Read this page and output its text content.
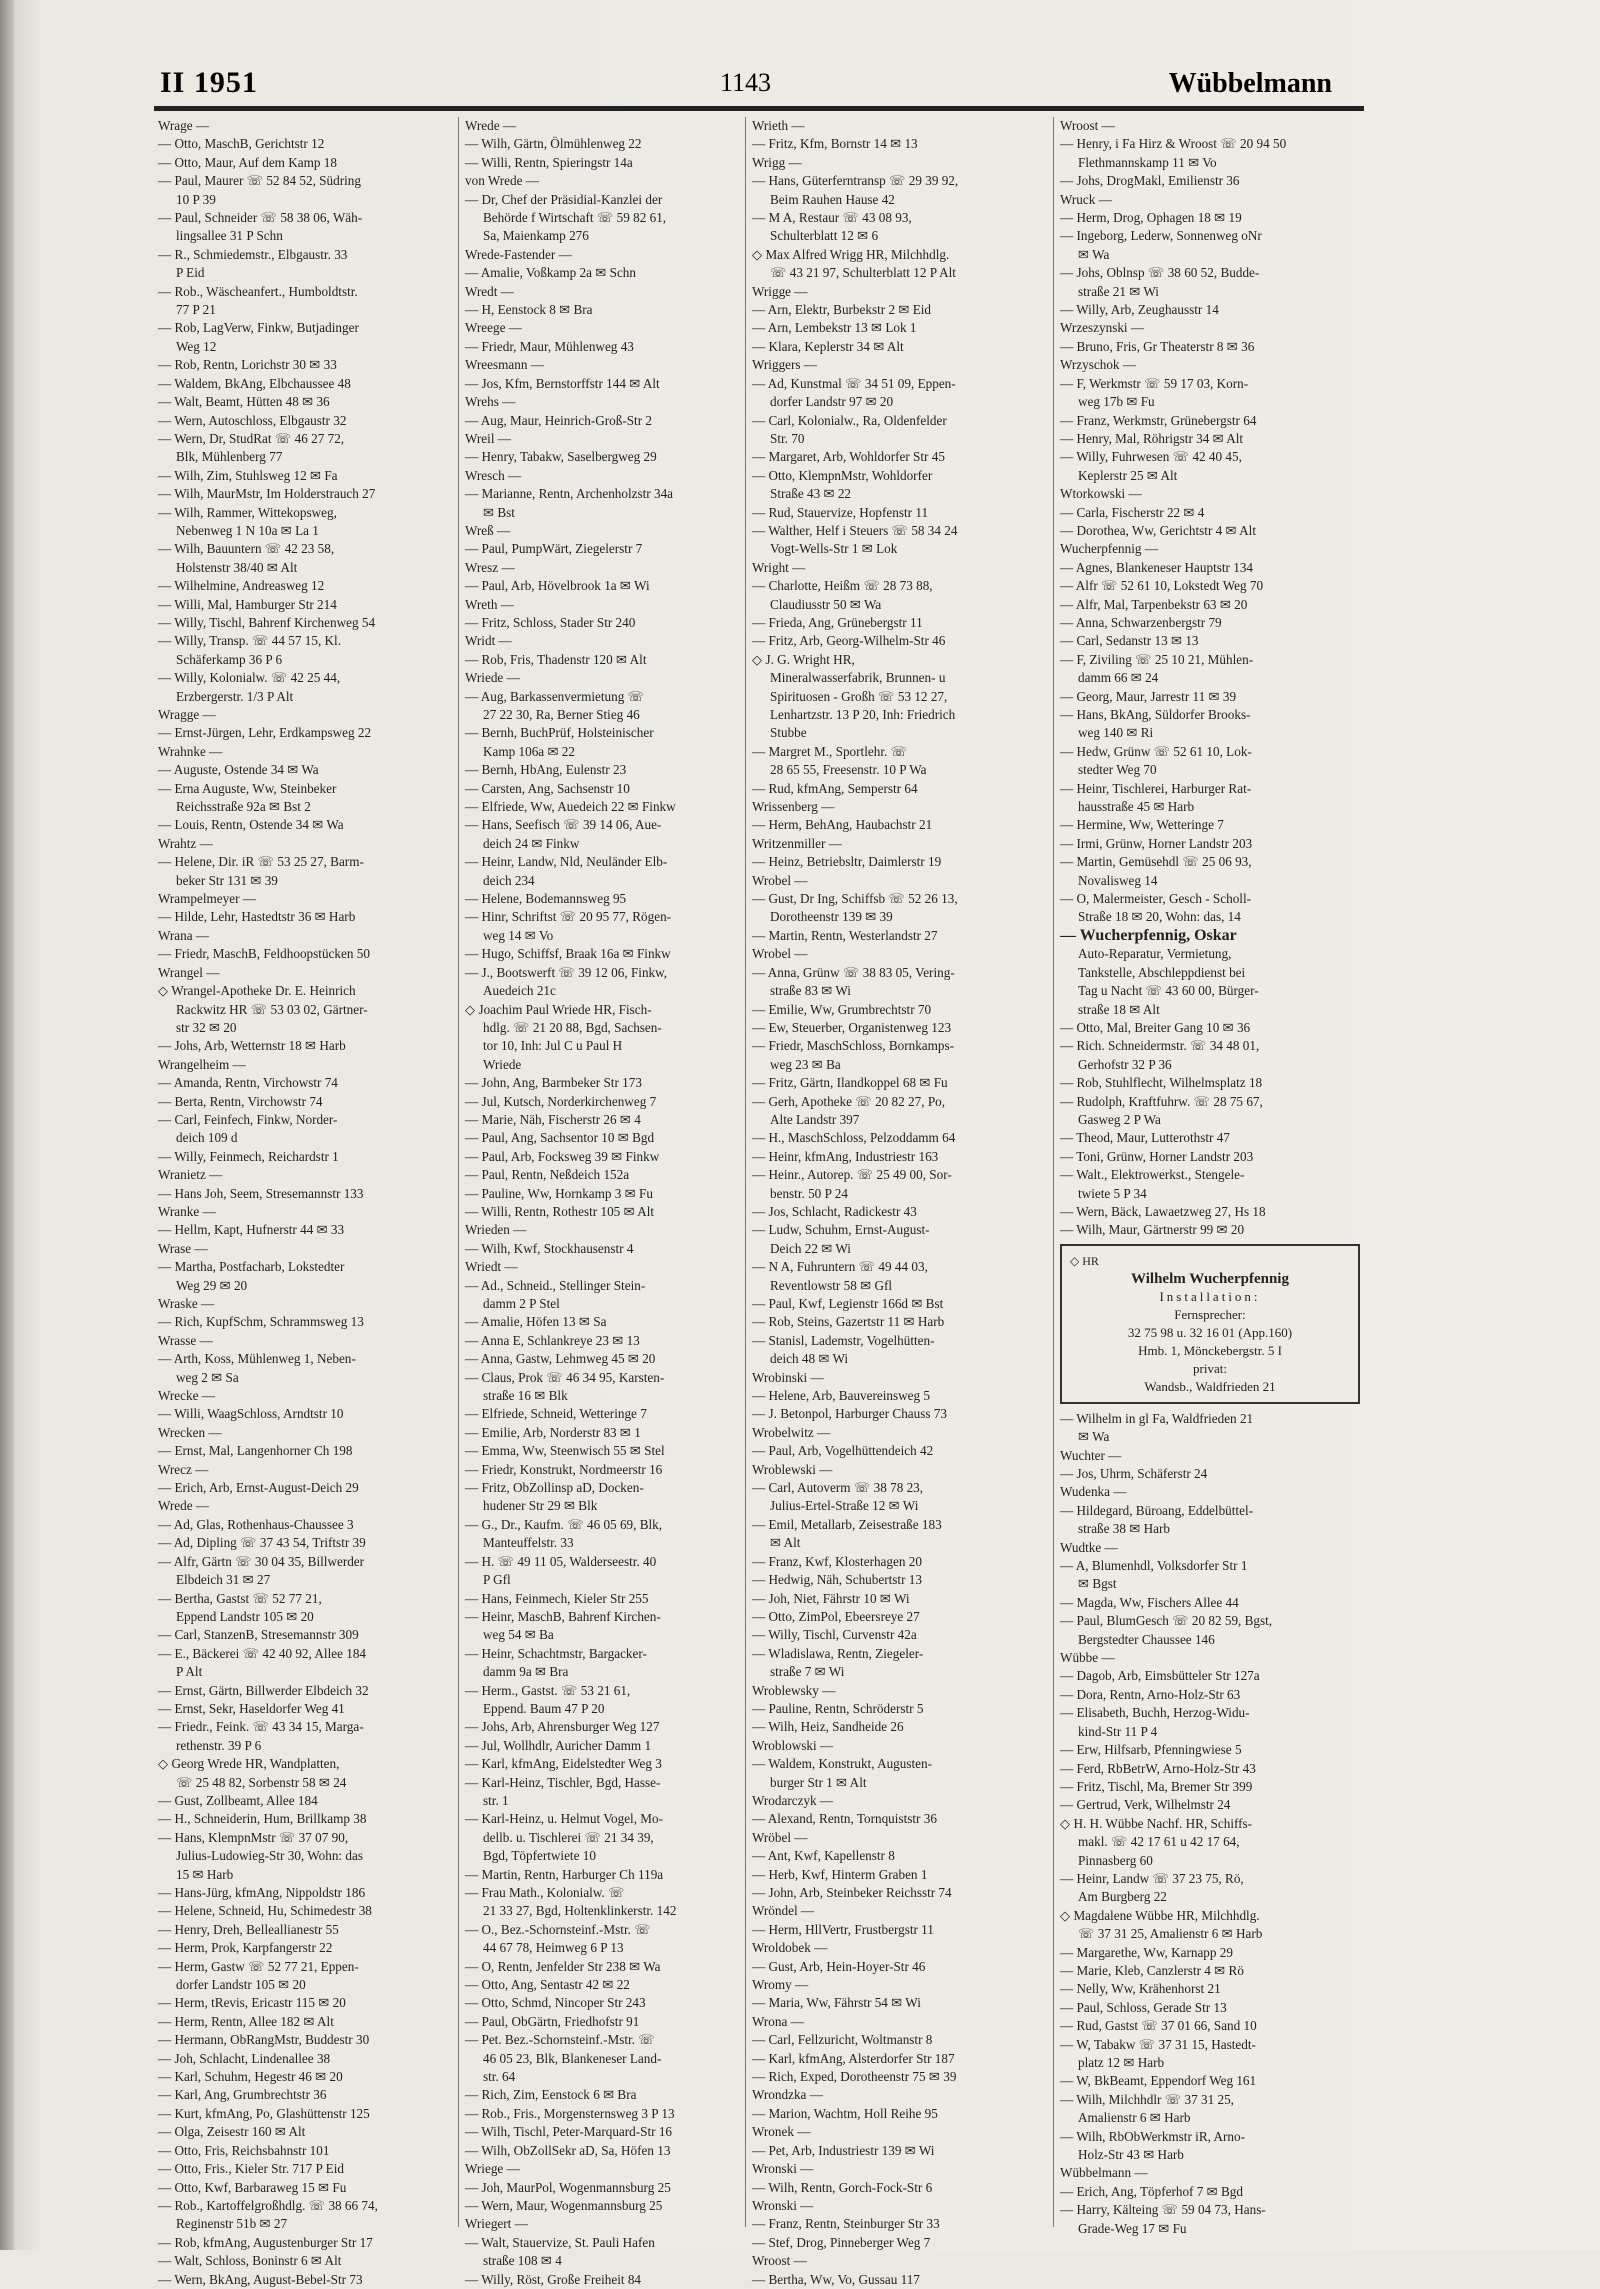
II 1951	1143	Wübbelmann
Wrage —
— Otto, MaschB, Gerichtstr 12
— Otto, Maur, Auf dem Kamp 18
— Paul, Maurer ☏ 52 84 52, Südring
10 P 39
— Paul, Schneider ☏ 58 38 06, Wäh-
lingsallee 31 P Schn
— R., Schmiedemstr., Elbgaustr. 33
P Eid
— Rob., Wäscheanfert., Humboldtstr.
77 P 21
— Rob, LagVerw, Finkw, Butjadinger
Weg 12
— Rob, Rentn, Lorichstr 30 ✉ 33
— Waldem, BkAng, Elbchaussee 48
— Walt, Beamt, Hütten 48 ✉ 36
— Wern, Autoschloss, Elbgaustr 32
— Wern, Dr, StudRat ☏ 46 27 72,
Blk, Mühlenberg 77
— Wilh, Zim, Stuhlsweg 12 ✉ Fa
— Wilh, MaurMstr, Im Holderstrauch 27
— Wilh, Rammer, Wittekopsweg,
Nebenweg 1 N 10a ✉ La 1
— Wilh, Bauuntern ☏ 42 23 58,
Holstenstr 38/40 ✉ Alt
— Wilhelmine, Andreasweg 12
— Willi, Mal, Hamburger Str 214
— Willy, Tischl, Bahrenf Kirchenweg 54
— Willy, Transp. ☏ 44 57 15, Kl.
Schäferkamp 36 P 6
— Willy, Kolonialw. ☏ 42 25 44,
Erzbergerstr. 1/3 P Alt
Wragge —
— Ernst-Jürgen, Lehr, Erdkampsweg 22
Wrahnke —
— Auguste, Ostende 34 ✉ Wa
— Erna Auguste, Ww, Steinbeker
Reichsstraße 92a ✉ Bst 2
— Louis, Rentn, Ostende 34 ✉ Wa
Wrahtz —
— Helene, Dir. iR ☏ 53 25 27, Barm-
beker Str 131 ✉ 39
Wrampelmeyer —
— Hilde, Lehr, Hastedtstr 36 ✉ Harb
Wrana —
— Friedr, MaschB, Feldhoopstücken 50
Wrangel —
◇ Wrangel-Apotheke Dr. E. Heinrich
Rackwitz HR ☏ 53 03 02, Gärtner-
str 32 ✉ 20
— Johs, Arb, Wetternstr 18 ✉ Harb
Wrangelheim —
— Amanda, Rentn, Virchowstr 74
— Berta, Rentn, Virchowstr 74
— Carl, Feinfech, Finkw, Norder-
deich 109 d
— Willy, Feinmech, Reichardstr 1
Wranietz —
— Hans Joh, Seem, Stresemannstr 133
Wranke —
— Hellm, Kapt, Hufnerstr 44 ✉ 33
Wrase —
— Martha, Postfacharb, Lokstedter
Weg 29 ✉ 20
Wraske —
— Rich, KupfSchm, Schrammsweg 13
Wrasse —
— Arth, Koss, Mühlenweg 1, Neben-
weg 2 ✉ Sa
Wrecke —
— Willi, WaagSchloss, Arndtstr 10
Wrecken —
— Ernst, Mal, Langenhorner Ch 198
Wrecz —
— Erich, Arb, Ernst-August-Deich 29
Wrede —
— Ad, Glas, Rothenhaus-Chaussee 3
— Ad, Dipling ☏ 37 43 54, Triftstr 39
— Alfr, Gärtn ☏ 30 04 35, Billwerder
Elbdeich 31 ✉ 27
— Bertha, Gastst ☏ 52 77 21,
Eppend Landstr 105 ✉ 20
— Carl, StanzenB, Stresemannstr 309
— E., Bäckerei ☏ 42 40 92, Allee 184
P Alt
— Ernst, Gärtn, Billwerder Elbdeich 32
— Ernst, Sekr, Haseldorfer Weg 41
— Friedr., Feink. ☏ 43 34 15, Marga-
rethenstr. 39 P 6
◇ Georg Wrede HR, Wandplatten,
☏ 25 48 82, Sorbenstr 58 ✉ 24
— Gust, Zollbeamt, Allee 184
— H., Schneiderin, Hum, Brillkamp 38
— Hans, KlempnMstr ☏ 37 07 90,
Julius-Ludowieg-Str 30, Wohn: das
15 ✉ Harb
— Hans-Jürg, kfmAng, Nippoldstr 186
— Helene, Schneid, Hu, Schimedestr 38
— Henry, Dreh, Belleallianestr 55
— Herm, Prok, Karpfangerstr 22
— Herm, Gastw ☏ 52 77 21, Eppen-
dorfer Landstr 105 ✉ 20
— Herm, tRevis, Ericastr 115 ✉ 20
— Herm, Rentn, Allee 182 ✉ Alt
— Hermann, ObRangMstr, Buddestr 30
— Joh, Schlacht, Lindenallee 38
— Karl, Schuhm, Hegestr 46 ✉ 20
— Karl, Ang, Grumbrechtstr 36
— Kurt, kfmAng, Po, Glashüttenstr 125
— Olga, Zeisestr 160 ✉ Alt
— Otto, Fris, Reichsbahnstr 101
— Otto, Fris., Kieler Str. 717 P Eid
— Otto, Kwf, Barbaraweg 15 ✉ Fu
— Rob., Kartoffelgroßhdlg. ☏ 38 66 74,
Reginenstr 51b ✉ 27
— Rob, kfmAng, Augustenburger Str 17
— Walt, Schloss, Boninstr 6 ✉ Alt
— Wern, BkAng, August-Bebel-Str 73
Wrede —
— Wilh, Gärtn, Ölmühlenweg 22
— Willi, Rentn, Spieringstr 14a
von Wrede —
— Dr, Chef der Präsidial-Kanzlei der
Behörde f Wirtschaft ☏ 59 82 61,
Sa, Maienkamp 276
Wrede-Fastender —
— Amalie, Voßkamp 2a ✉ Schn
Wredt —
— H, Eenstock 8 ✉ Bra
Wreege —
— Friedr, Maur, Mühlenweg 43
Wreesmann —
— Jos, Kfm, Bernstorffstr 144 ✉ Alt
Wrehs —
— Aug, Maur, Heinrich-Groß-Str 2
Wreil —
— Henry, Tabakw, Saselbergweg 29
Wresch —
— Marianne, Rentn, Archenholzstr 34a
✉ Bst
Wreß —
— Paul, PumpWärt, Ziegelerstr 7
Wresz —
— Paul, Arb, Hövelbrook 1a ✉ Wi
Wreth —
— Fritz, Schloss, Stader Str 240
Wridt —
— Rob, Fris, Thadenstr 120 ✉ Alt
Wriede —
— Aug, Barkassenvermietung ☏
27 22 30, Ra, Berner Stieg 46
— Bernh, BuchPrüf, Holsteinischer
Kamp 106a ✉ 22
— Bernh, HbAng, Eulenstr 23
— Carsten, Ang, Sachsenstr 10
— Elfriede, Ww, Auedeich 22 ✉ Finkw
— Hans, Seefisch ☏ 39 14 06, Aue-
deich 24 ✉ Finkw
— Heinr, Landw, Nld, Neuländer Elb-
deich 234
— Helene, Bodemannsweg 95
— Hinr, Schriftst ☏ 20 95 77, Rögen-
weg 14 ✉ Vo
— Hugo, Schiffsf, Braak 16a ✉ Finkw
— J., Bootswerft ☏ 39 12 06, Finkw,
Auedeich 21c
◇ Joachim Paul Wriede HR, Fisch-
hdlg. ☏ 21 20 88, Bgd, Sachsen-
tor 10, Inh: Jul C u Paul H
Wriede
— John, Ang, Barmbeker Str 173
— Jul, Kutsch, Norderkirchenweg 7
— Marie, Näh, Fischerstr 26 ✉ 4
— Paul, Ang, Sachsentor 10 ✉ Bgd
— Paul, Arb, Focksweg 39 ✉ Finkw
— Paul, Rentn, Neßdeich 152a
— Pauline, Ww, Hornkamp 3 ✉ Fu
— Willi, Rentn, Rothestr 105 ✉ Alt
Wrieden —
— Wilh, Kwf, Stockhausenstr 4
Wriedt —
— Ad., Schneid., Stellinger Stein-
damm 2 P Stel
— Amalie, Höfen 13 ✉ Sa
— Anna E, Schlankreye 23 ✉ 13
— Anna, Gastw, Lehmweg 45 ✉ 20
— Claus, Prok ☏ 46 34 95, Karsten-
straße 16 ✉ Blk
— Elfriede, Schneid, Wetteringe 7
— Emilie, Arb, Norderstr 83 ✉ 1
— Emma, Ww, Steenwisch 55 ✉ Stel
— Friedr, Konstrukt, Nordmeerstr 16
— Fritz, ObZollinsp aD, Docken-
hudener Str 29 ✉ Blk
— G., Dr., Kaufm. ☏ 46 05 69, Blk,
Manteuffelstr. 33
— H. ☏ 49 11 05, Walderseestr. 40
P Gfl
— Hans, Feinmech, Kieler Str 255
— Heinr, MaschB, Bahrenf Kirchen-
weg 54 ✉ Ba
— Heinr, Schachtmstr, Bargacker-
damm 9a ✉ Bra
— Herm., Gastst. ☏ 53 21 61,
Eppend. Baum 47 P 20
— Johs, Arb, Ahrensburger Weg 127
— Jul, Wollhdlr, Auricher Damm 1
— Karl, kfmAng, Eidelstedter Weg 3
— Karl-Heinz, Tischler, Bgd, Hasse-
str. 1
— Karl-Heinz, u. Helmut Vogel, Mo-
dellb. u. Tischlerei ☏ 21 34 39,
Bgd, Töpfertwiete 10
— Martin, Rentn, Harburger Ch 119a
— Frau Math., Kolonialw. ☏
21 33 27, Bgd, Holtenklinkerstr. 142
— O., Bez.-Schornsteinf.-Mstr. ☏
44 67 78, Heimweg 6 P 13
— O, Rentn, Jenfelder Str 238 ✉ Wa
— Otto, Ang, Sentastr 42 ✉ 22
— Otto, Schmd, Nincoper Str 243
— Paul, ObGärtn, Friedhofstr 91
— Pet. Bez.-Schornsteinf.-Mstr. ☏
46 05 23, Blk, Blankeneser Land-
str. 64
— Rich, Zim, Eenstock 6 ✉ Bra
— Rob., Fris., Morgensternsweg 3 P 13
— Wilh, Tischl, Peter-Marquard-Str 16
— Wilh, ObZollSekr aD, Sa, Höfen 13
Wriege —
— Joh, MaurPol, Wogenmannsburg 25
— Wern, Maur, Wogenmannsburg 25
Wriegert —
— Walt, Stauervize, St. Pauli Hafen
straße 108 ✉ 4
— Willy, Röst, Große Freiheit 84
Wrieth —
— Fritz, Kfm, Bornstr 14 ✉ 13
Wrigg —
— Hans, Güterferntransp ☏ 29 39 92,
Beim Rauhen Hause 42
— M A, Restaur ☏ 43 08 93,
Schulterblatt 12 ✉ 6
◇ Max Alfred Wrigg HR, Milchhdlg.
☏ 43 21 97, Schulterblatt 12 P Alt
Wrigge —
— Arn, Elektr, Burbekstr 2 ✉ Eid
— Arn, Lembekstr 13 ✉ Lok 1
— Klara, Keplerstr 34 ✉ Alt
Wriggers —
— Ad, Kunstmal ☏ 34 51 09, Eppen-
dorfer Landstr 97 ✉ 20
— Carl, Kolonialw., Ra, Oldenfelder
Str. 70
— Margaret, Arb, Wohldorfer Str 45
— Otto, KlempnMstr, Wohldorfer
Straße 43 ✉ 22
— Rud, Stauervize, Hopfenstr 11
— Walther, Helf i Steuers ☏ 58 34 24
Vogt-Wells-Str 1 ✉ Lok
Wright —
— Charlotte, Heißm ☏ 28 73 88,
Claudiusstr 50 ✉ Wa
— Frieda, Ang, Grünebergstr 11
— Fritz, Arb, Georg-Wilhelm-Str 46
◇ J. G. Wright HR,
Mineralwasserfabrik, Brunnen- u
Spirituosen - Großh ☏ 53 12 27,
Lenhartzstr. 13 P 20, Inh: Friedrich
Stubbe
— Margret M., Sportlehr. ☏
28 65 55, Freesenstr. 10 P Wa
— Rud, kfmAng, Semperstr 64
Wrissenberg —
— Herm, BehAng, Haubachstr 21
Writzenmiller —
— Heinz, Betriebsltr, Daimlerstr 19
Wrobel —
— Gust, Dr Ing, Schiffsb ☏ 52 26 13,
Dorotheenstr 139 ✉ 39
— Martin, Rentn, Westerlandstr 27
Wrobel —
— Anna, Grünw ☏ 38 83 05, Vering-
straße 83 ✉ Wi
— Emilie, Ww, Grumbrechtstr 70
— Ew, Steuerber, Organistenweg 123
— Friedr, MaschSchloss, Bornkamps-
weg 23 ✉ Ba
— Fritz, Gärtn, Ilandkoppel 68 ✉ Fu
— Gerh, Apotheke ☏ 20 82 27, Po,
Alte Landstr 397
— H., MaschSchloss, Pelzoddamm 64
— Heinr, kfmAng, Industriestr 163
— Heinr., Autorep. ☏ 25 49 00, Sor-
benstr. 50 P 24
— Jos, Schlacht, Radickestr 43
— Ludw, Schuhm, Ernst-August-
Deich 22 ✉ Wi
— N A, Fuhruntern ☏ 49 44 03,
Reventlowstr 58 ✉ Gfl
— Paul, Kwf, Legienstr 166d ✉ Bst
— Rob, Steins, Gazertstr 11 ✉ Harb
— Stanisl, Lademstr, Vogelhütten-
deich 48 ✉ Wi
Wrobinski —
— Helene, Arb, Bauvereinsweg 5
— J. Betonpol, Harburger Chauss 73
Wrobelwitz —
— Paul, Arb, Vogelhüttendeich 42
Wroblewski —
— Carl, Autoverm ☏ 38 78 23,
Julius-Ertel-Straße 12 ✉ Wi
— Emil, Metallarb, Zeisestraße 183
✉ Alt
— Franz, Kwf, Klosterhagen 20
— Hedwig, Näh, Schubertstr 13
— Joh, Niet, Fährstr 10 ✉ Wi
— Otto, ZimPol, Ebeersreye 27
— Willy, Tischl, Curvenstr 42a
— Wladislawa, Rentn, Ziegeler-
straße 7 ✉ Wi
Wroblewsky —
— Pauline, Rentn, Schröderstr 5
— Wilh, Heiz, Sandheide 26
Wroblowski —
— Waldem, Konstrukt, Augusten-
burger Str 1 ✉ Alt
Wrodarczyk —
— Alexand, Rentn, Tornquiststr 36
Wröbel —
— Ant, Kwf, Kapellenstr 8
— Herb, Kwf, Hinterm Graben 1
— John, Arb, Steinbeker Reichsstr 74
Wröndel —
— Herm, HllVertr, Frustbergstr 11
Wroldobek —
— Gust, Arb, Hein-Hoyer-Str 46
Wromy —
— Maria, Ww, Fährstr 54 ✉ Wi
Wrona —
— Carl, Fellzuricht, Woltmanstr 8
— Karl, kfmAng, Alsterdorfer Str 187
— Rich, Exped, Dorotheenstr 75 ✉ 39
Wrondzka —
— Marion, Wachtm, Holl Reihe 95
Wronek —
— Pet, Arb, Industriestr 139 ✉ Wi
Wronski —
— Wilh, Rentn, Gorch-Fock-Str 6
Wronski —
— Franz, Rentn, Steinburger Str 33
— Stef, Drog, Pinneberger Weg 7
Wroost —
— Bertha, Ww, Vo, Gussau 117
Wroost —
— Henry, i Fa Hirz & Wroost ☏ 20 94 50
Flethmannskamp 11 ✉ Vo
— Johs, DrogMakl, Emilienstr 36
Wruck —
— Herm, Drog, Ophagen 18 ✉ 19
— Ingeborg, Lederw, Sonnenweg oNr
✉ Wa
— Johs, Oblnsp ☏ 38 60 52, Budde-
straße 21 ✉ Wi
— Willy, Arb, Zeughausstr 14
Wrzeszynski —
— Bruno, Fris, Gr Theaterstr 8 ✉ 36
Wrzyschok —
— F, Werkmstr ☏ 59 17 03, Korn-
weg 17b ✉ Fu
— Franz, Werkmstr, Grünebergstr 64
— Henry, Mal, Röhrigstr 34 ✉ Alt
— Willy, Fuhrwesen ☏ 42 40 45,
Keplerstr 25 ✉ Alt
Wtorkowski —
— Carla, Fischerstr 22 ✉ 4
— Dorothea, Ww, Gerichtstr 4 ✉ Alt
Wucherpfennig —
— Agnes, Blankeneser Hauptstr 134
— Alfr ☏ 52 61 10, Lokstedt Weg 70
— Alfr, Mal, Tarpenbekstr 63 ✉ 20
— Anna, Schwarzenbergstr 79
— Carl, Sedanstr 13 ✉ 13
— F, Ziviling ☏ 25 10 21, Mühlen-
damm 66 ✉ 24
— Georg, Maur, Jarrestr 11 ✉ 39
— Hans, BkAng, Süldorfer Brooks-
weg 140 ✉ Ri
— Hedw, Grünw ☏ 52 61 10, Lok-
stedter Weg 70
— Heinr, Tischlerei, Harburger Rat-
hausstraße 45 ✉ Harb
— Hermine, Ww, Wetteringe 7
— Irmi, Grünw, Horner Landstr 203
— Martin, Gemüsehdl ☏ 25 06 93,
Novalisweg 14
— O, Malermeister, Gesch - Scholl-
Straße 18 ✉ 20, Wohn: das, 14
— Wucherpfennig, Oskar
Auto-Reparatur, Vermietung,
Tankstelle, Abschleppdienst bei
Tag u Nacht ☏ 43 60 00, Bürger-
straße 18 ✉ Alt
— Otto, Mal, Breiter Gang 10 ✉ 36
— Rich. Schneidermstr. ☏ 34 48 01,
Gerhofstr 32 P 36
— Rob, Stuhlflecht, Wilhelmsplatz 18
— Rudolph, Kraftfuhrw. ☏ 28 75 67,
Gasweg 2 P Wa
— Theod, Maur, Lutterothstr 47
— Toni, Grünw, Horner Landstr 203
— Walt., Elektrowerkst., Stengele-
twiete 5 P 34
— Wern, Bäck, Lawaetzweg 27, Hs 18
— Wilh, Maur, Gärtnerstr 99 ✉ 20
◇ HR
Wilhelm Wucherpfennig
Installation:
Fernsprecher:
32 75 98 u. 32 16 01 (App.160)
Hmb. 1, Mönckebergstr. 5 I
privat:
Wandsb., Waldfrieden 21
— Wilhelm in gl Fa, Waldfrieden 21
✉ Wa
Wuchter —
— Jos, Uhrm, Schäferstr 24
Wudenka —
— Hildegard, Büroang, Eddelbüttel-
straße 38 ✉ Harb
Wudtke —
— A, Blumenhdl, Volksdorfer Str 1
✉ Bgst
— Magda, Ww, Fischers Allee 44
— Paul, BlumGesch ☏ 20 82 59, Bgst,
Bergstedter Chaussee 146
Wübbe —
— Dagob, Arb, Eimsbütteler Str 127a
— Dora, Rentn, Arno-Holz-Str 63
— Elisabeth, Buchh, Herzog-Widu-
kind-Str 11 P 4
— Erw, Hilfsarb, Pfenningwiese 5
— Ferd, RbBetrW, Arno-Holz-Str 43
— Fritz, Tischl, Ma, Bremer Str 399
— Gertrud, Verk, Wilhelmstr 24
◇ H. H. Wübbe Nachf. HR, Schiffs-
makl. ☏ 42 17 61 u 42 17 64,
Pinnasberg 60
— Heinr, Landw ☏ 37 23 75, Rö,
Am Burgberg 22
◇ Magdalene Wübbe HR, Milchhdlg.
☏ 37 31 25, Amalienstr 6 ✉ Harb
— Margarethe, Ww, Karnapp 29
— Marie, Kleb, Canzlerstr 4 ✉ Rö
— Nelly, Ww, Krähenhorst 21
— Paul, Schloss, Gerade Str 13
— Rud, Gastst ☏ 37 01 66, Sand 10
— W, Tabakw ☏ 37 31 15, Hastedt-
platz 12 ✉ Harb
— W, BkBeamt, Eppendorf Weg 161
— Wilh, Milchhdlr ☏ 37 31 25,
Amalienstr 6 ✉ Harb
— Wilh, RbObWerkmstr iR, Arno-
Holz-Str 43 ✉ Harb
Wübbelmann —
— Erich, Ang, Töpferhof 7 ✉ Bgd
— Harry, Kälteing ☏ 59 04 73, Hans-
Grade-Weg 17 ✉ Fu
